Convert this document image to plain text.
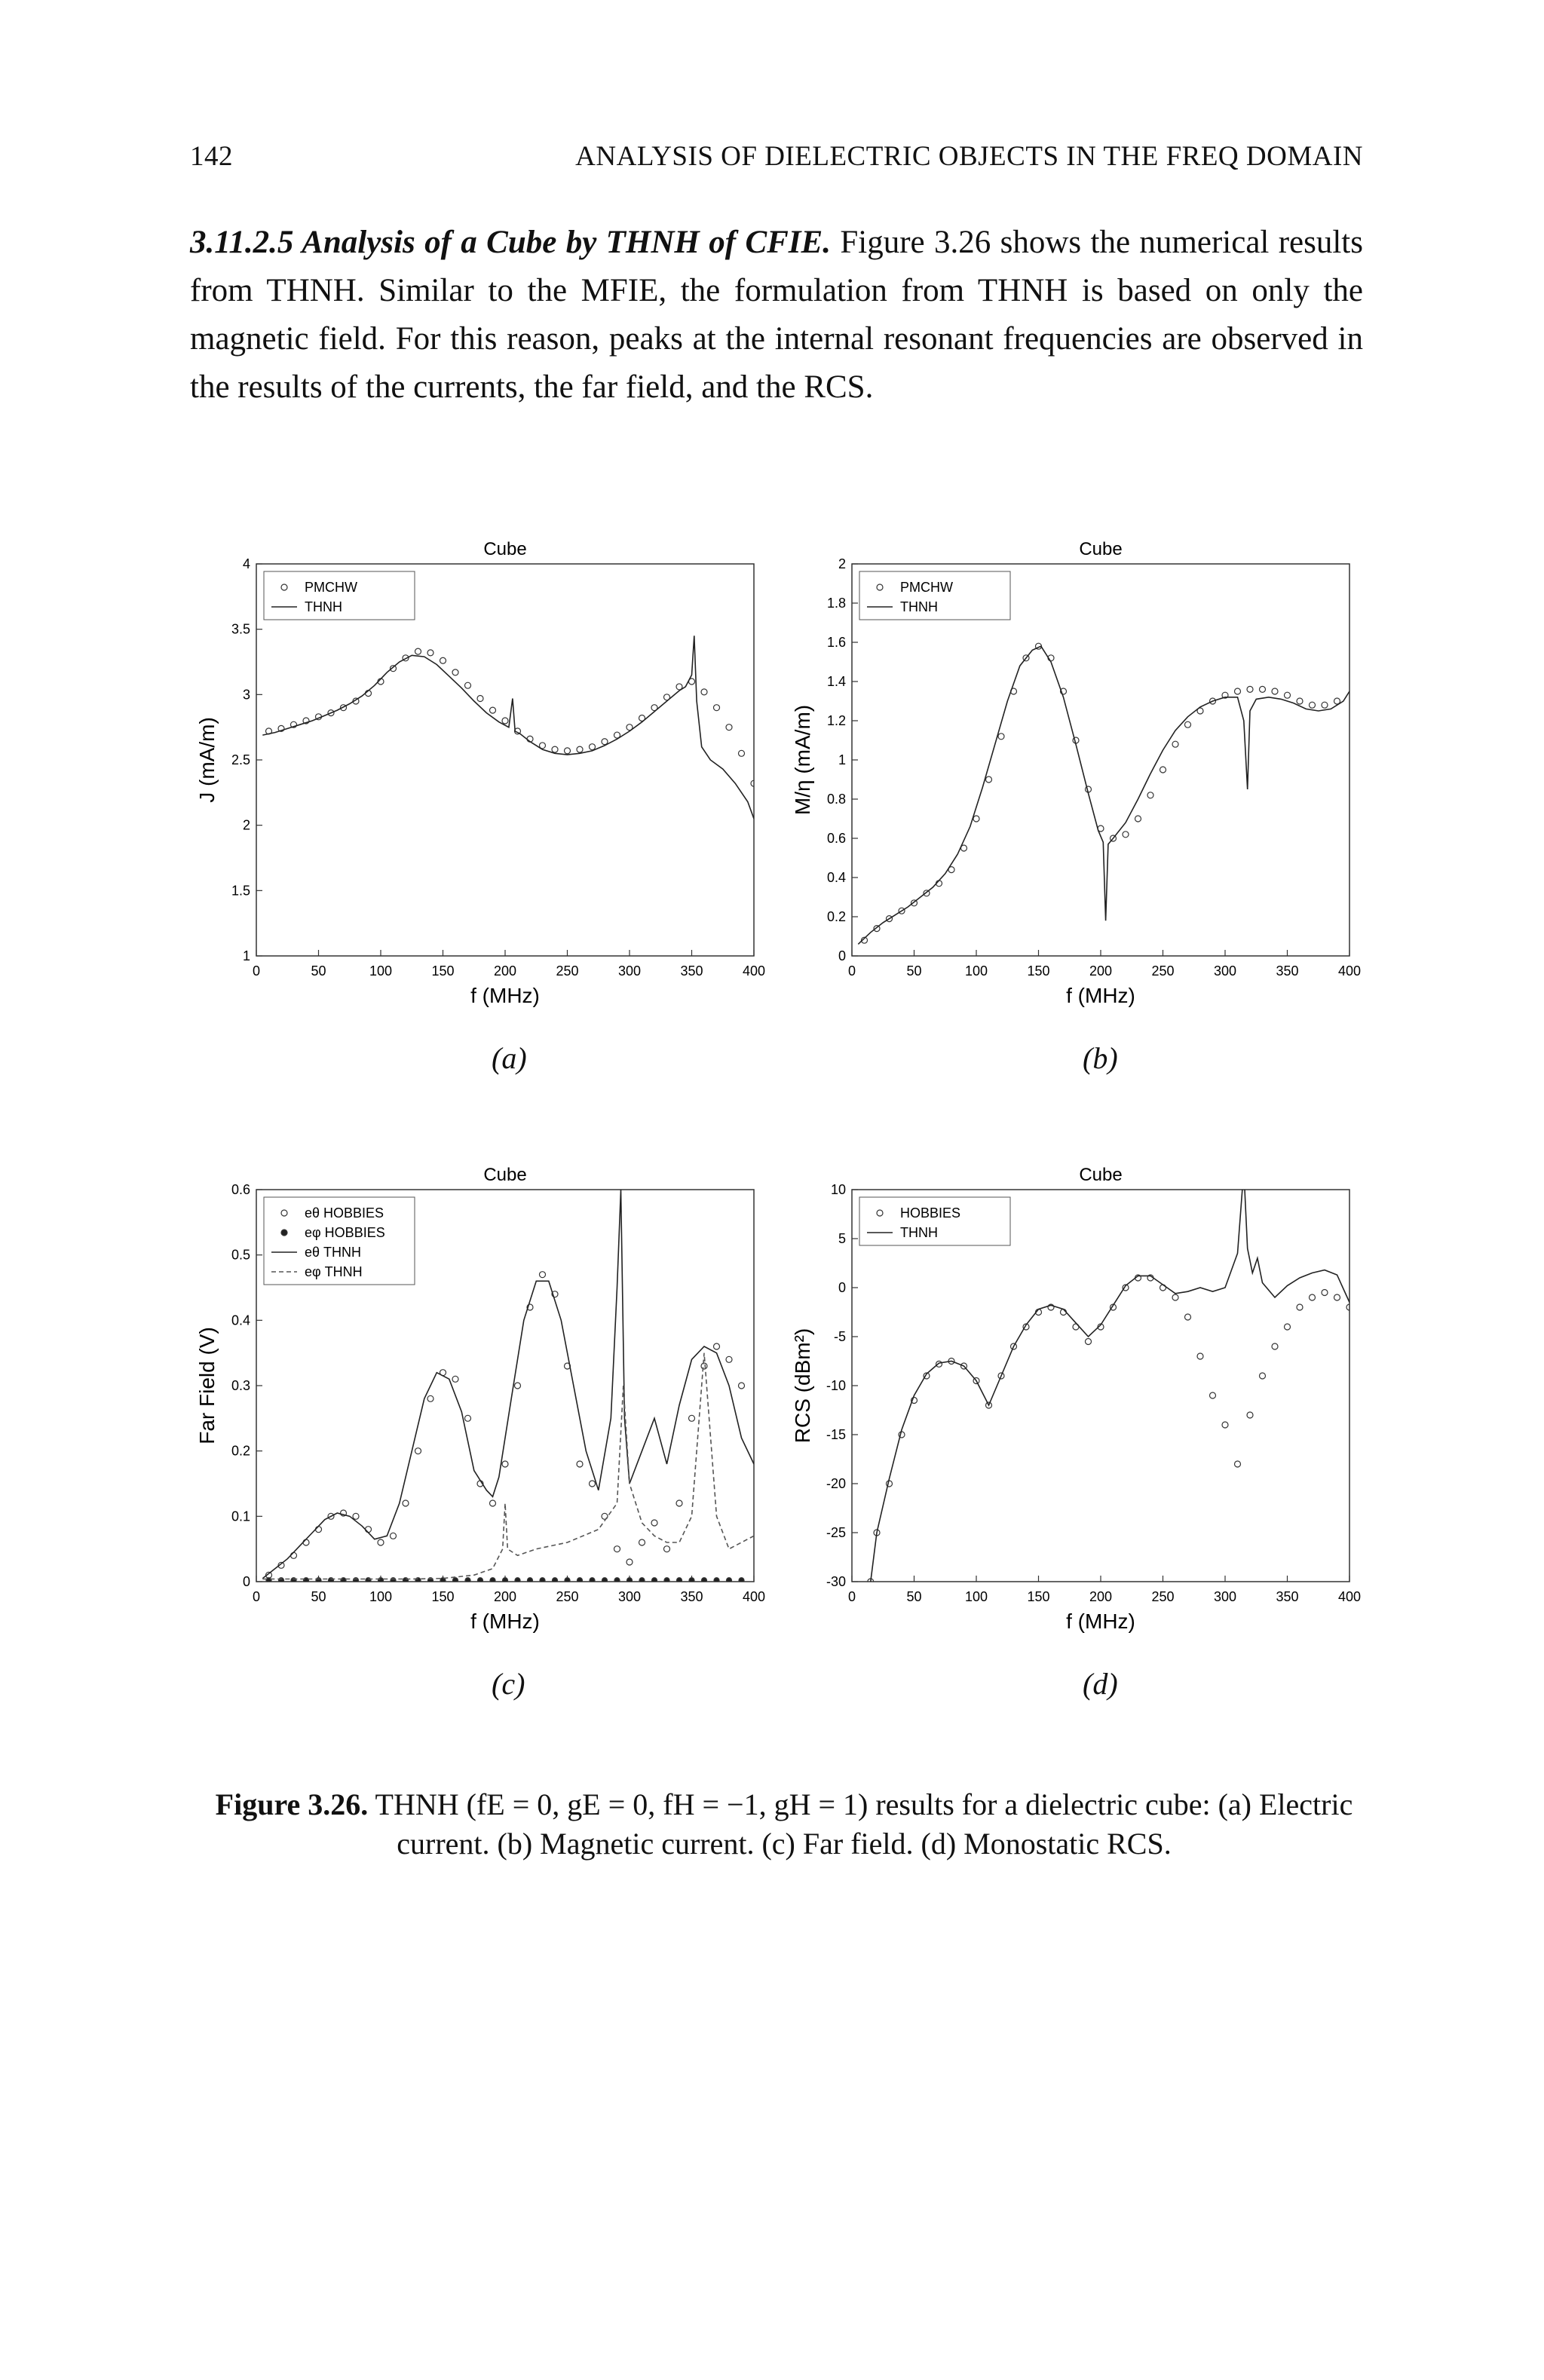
142	ANALYSIS OF DIELECTRIC OBJECTS IN THE FREQ DOMAIN
3.11.2.5 Analysis of a Cube by THNH of CFIE. Figure 3.26 shows the numerical results from THNH. Similar to the MFIE, the formulation from THNH is based on only the magnetic field. For this reason, peaks at the internal resonant frequencies are observed in the results of the currents, the far field, and the RCS.
Cube
0	50	100	150	200	250	300	350	400
1
1.5
2
2.5
3
3.5
4
f (MHz)
J (mA/m)
PMCHW
THNH
Cube
0	50	100	150	200	250	300	350	400
0
0.2
0.4
0.6
0.8
1
1.2
1.4
1.6
1.8
2
f (MHz)
M/η (mA/m)
PMCHW
THNH
Cube
0	50	100	150	200	250	300	350	400
0
0.1
0.2
0.3
0.4
0.5
0.6
f (MHz)
Far Field (V)
eθ HOBBIES
eφ HOBBIES
eθ THNH
eφ THNH
Cube
0	50	100	150	200	250	300	350	400
-30
-25
-20
-15
-10
-5
0
5
10
f (MHz)
RCS (dBm²)
HOBBIES
THNH
(a)	(b)
(c)	(d)
Figure 3.26. THNH (fE = 0, gE = 0, fH = −1, gH = 1) results for a dielectric cube: (a) Electric current. (b) Magnetic current. (c) Far field. (d) Monostatic RCS.
